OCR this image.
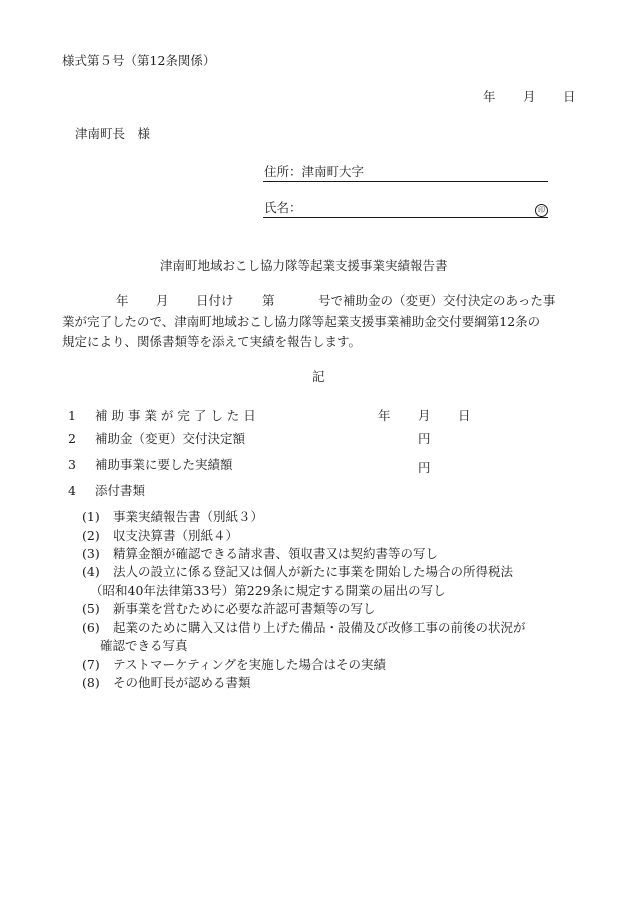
様式第５号（第12条関係）
年 月 日
津南町長　様
住所：津南町大字
氏名：	印
津南町地域おこし協力隊等起業支援事業実績報告書
年 月 日付け 第	号で補助金の（変更）交付決定のあった事
業が完了したので、津南町地域おこし協力隊等起業支援事業補助金交付要綱第12条の
規定により、関係書類等を添えて実績を報告します。
記
1 補 助 事 業 が 完 了 し た 日	年 月 日
2 補助金（変更）交付決定額	円
3 補助事業に要した実績額	円
4 添付書類
(1) 事業実績報告書（別紙３）
(2) 収支決算書（別紙４）
(3) 精算金額が確認できる請求書、領収書又は契約書等の写し
(4) 法人の設立に係る登記又は個人が新たに事業を開始した場合の所得税法
（昭和40年法律第33号）第229条に規定する開業の届出の写し
(5) 新事業を営むために必要な許認可書類等の写し
(6) 起業のために購入又は借り上げた備品・設備及び改修工事の前後の状況が
確認できる写真
(7) テストマーケティングを実施した場合はその実績
(8) その他町長が認める書類
